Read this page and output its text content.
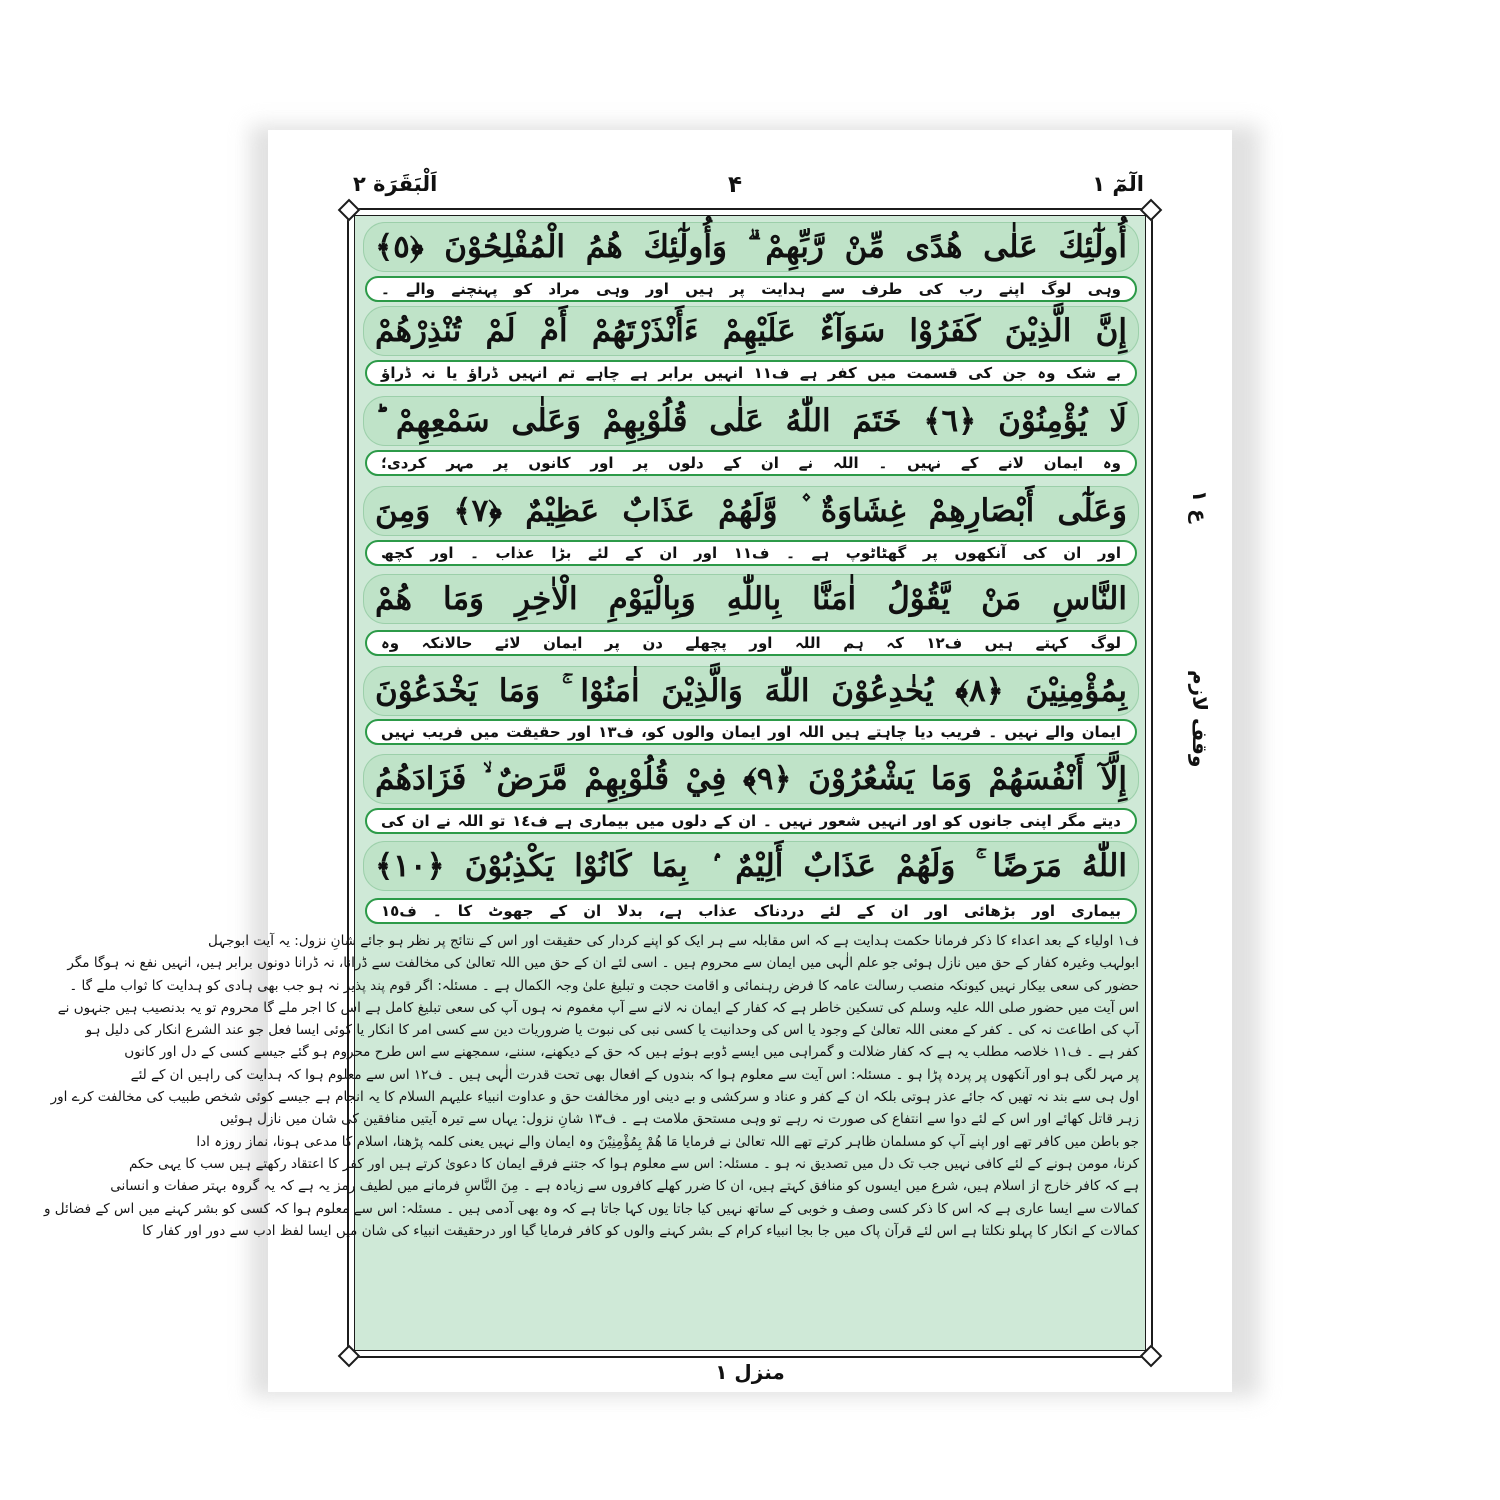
اَلْبَقَرَة ٢	۴	الٓمٓ ١
أُولٰٓئِكَ عَلٰى هُدًى مِّنْ رَّبِّهِمْ ۗ وَأُولٰٓئِكَ هُمُ الْمُفْلِحُوْنَ ﴿٥﴾
وہی لوگ اپنے رب کی طرف سے ہدایت پر ہیں اور وہی مراد کو پہنچنے والے ۔
إِنَّ الَّذِيْنَ كَفَرُوْا سَوَآءٌ عَلَيْهِمْ ءَأَنْذَرْتَهُمْ أَمْ لَمْ تُنْذِرْهُمْ
بے شک وہ جن کی قسمت میں کفر ہے ف١١ انہیں برابر ہے چاہے تم انہیں ڈراؤ یا نہ ڈراؤ
لَا يُؤْمِنُوْنَ ﴿٦﴾ خَتَمَ اللّٰهُ عَلٰى قُلُوْبِهِمْ وَعَلٰى سَمْعِهِمْ ؕ
وہ ایمان لانے کے نہیں ۔ اللہ نے ان کے دلوں پر اور کانوں پر مہر کردی؛
وَعَلٰٓى أَبْصَارِهِمْ غِشَاوَةٌ ۫ وَّلَهُمْ عَذَابٌ عَظِيْمٌ ﴿٧﴾ وَمِنَ
اور ان کی آنکھوں پر گھٹاٹوپ ہے ۔ ف١١ اور ان کے لئے بڑا عذاب ۔ اور کچھ
النَّاسِ مَنْ يَّقُوْلُ اٰمَنَّا بِاللّٰهِ وَبِالْيَوْمِ الْاٰخِرِ وَمَا هُمْ
لوگ کہتے ہیں ف١٢ کہ ہم اللہ اور پچھلے دن پر ایمان لائے حالانکہ وہ
بِمُؤْمِنِيْنَ ﴿٨﴾ يُخٰدِعُوْنَ اللّٰهَ وَالَّذِيْنَ اٰمَنُوْا ۚ وَمَا يَخْدَعُوْنَ
ایمان والے نہیں ۔ فریب دیا چاہتے ہیں اللہ اور ایمان والوں کو، ف١٣ اور حقیقت میں فریب نہیں
إِلَّآ أَنْفُسَهُمْ وَمَا يَشْعُرُوْنَ ﴿٩﴾ فِيْ قُلُوْبِهِمْ مَّرَضٌ ۙ فَزَادَهُمُ
دیتے مگر اپنی جانوں کو اور انہیں شعور نہیں ۔ ان کے دلوں میں بیماری ہے ف١٤ تو اللہ نے ان کی
اللّٰهُ مَرَضًا ۚ وَلَهُمْ عَذَابٌ أَلِيْمٌ ۢ بِمَا كَانُوْا يَكْذِبُوْنَ ﴿١٠﴾
بیماری اور بڑھائی اور ان کے لئے دردناک عذاب ہے، بدلا ان کے جھوٹ کا ۔ ف١٥

ف١ اولیاء کے بعد اعداء کا ذکر فرمانا حکمت ہدایت ہے کہ اس مقابلہ سے ہر ایک کو اپنے کردار کی حقیقت اور اس کے نتائج پر نظر ہو جائے شانِ نزول: یہ آیت ابوجہل

ابولہب وغیرہ کفار کے حق میں نازل ہوئی جو علم الٰہی میں ایمان سے محروم ہیں ۔ اسی لئے ان کے حق میں اللہ تعالیٰ کی مخالفت سے ڈرانا، نہ ڈرانا دونوں برابر ہیں، انہیں نفع نہ ہوگا مگر

حضور کی سعی بیکار نہیں کیونکہ منصب رسالت عامہ کا فرض رہنمائی و اقامت حجت و تبلیغ علیٰ وجہ الکمال ہے ۔ مسئلہ: اگر قوم پند پذیر نہ ہو جب بھی ہادی کو ہدایت کا ثواب ملے گا ۔

اس آیت میں حضور صلی اللہ علیہ وسلم کی تسکین خاطر ہے کہ کفار کے ایمان نہ لانے سے آپ مغموم نہ ہوں آپ کی سعی تبلیغ کامل ہے اس کا اجر ملے گا محروم تو یہ بدنصیب ہیں جنہوں نے

آپ کی اطاعت نہ کی ۔ کفر کے معنی اللہ تعالیٰ کے وجود یا اس کی وحدانیت یا کسی نبی کی نبوت یا ضروریات دین سے کسی امر کا انکار یا کوئی ایسا فعل جو عند الشرع انکار کی دلیل ہو

کفر ہے ۔ ف١١ خلاصہ مطلب یہ ہے کہ کفار ضلالت و گمراہی میں ایسے ڈوبے ہوئے ہیں کہ حق کے دیکھنے، سننے، سمجھنے سے اس طرح محروم ہو گئے جیسے کسی کے دل اور کانوں

پر مہر لگی ہو اور آنکھوں پر پردہ پڑا ہو ۔ مسئلہ: اس آیت سے معلوم ہوا کہ بندوں کے افعال بھی تحت قدرت الٰہی ہیں ۔ ف١٢ اس سے معلوم ہوا کہ ہدایت کی راہیں ان کے لئے

اول ہی سے بند نہ تھیں کہ جائے عذر ہوتی بلکہ ان کے کفر و عناد و سرکشی و بے دینی اور مخالفت حق و عداوت انبیاء علیہم السلام کا یہ انجام ہے جیسے کوئی شخص طبیب کی مخالفت کرے اور

زہر قاتل کھائے اور اس کے لئے دوا سے انتفاع کی صورت نہ رہے تو وہی مستحق ملامت ہے ۔ ف١٣ شانِ نزول: یہاں سے تیرہ آیتیں منافقین کی شان میں نازل ہوئیں

جو باطن میں کافر تھے اور اپنے آپ کو مسلمان ظاہر کرتے تھے اللہ تعالیٰ نے فرمایا مَا هُمْ بِمُؤْمِنِيْنَ وہ ایمان والے نہیں یعنی کلمہ پڑھنا، اسلام کا مدعی ہونا، نماز روزہ ادا

کرنا، مومن ہونے کے لئے کافی نہیں جب تک دل میں تصدیق نہ ہو ۔ مسئلہ: اس سے معلوم ہوا کہ جتنے فرقے ایمان کا دعویٰ کرتے ہیں اور کفر کا اعتقاد رکھتے ہیں سب کا یہی حکم

ہے کہ کافر خارج از اسلام ہیں، شرع میں ایسوں کو منافق کہتے ہیں، ان کا ضرر کھلے کافروں سے زیادہ ہے ۔ مِنَ النَّاسِ فرمانے میں لطیف رمز یہ ہے کہ یہ گروہ بہتر صفات و انسانی

کمالات سے ایسا عاری ہے کہ اس کا ذکر کسی وصف و خوبی کے ساتھ نہیں کیا جاتا یوں کہا جاتا ہے کہ وہ بھی آدمی ہیں ۔ مسئلہ: اس سے معلوم ہوا کہ کسی کو بشر کہنے میں اس کے فضائل و

کمالات کے انکار کا پہلو نکلتا ہے اس لئے قرآن پاک میں جا بجا انبیاء کرام کے بشر کہنے والوں کو کافر فرمایا گیا اور درحقیقت انبیاء کی شان میں ایسا لفظ ادب سے دور اور کفار کا

ع ١
وقف لازم
منزل ١
